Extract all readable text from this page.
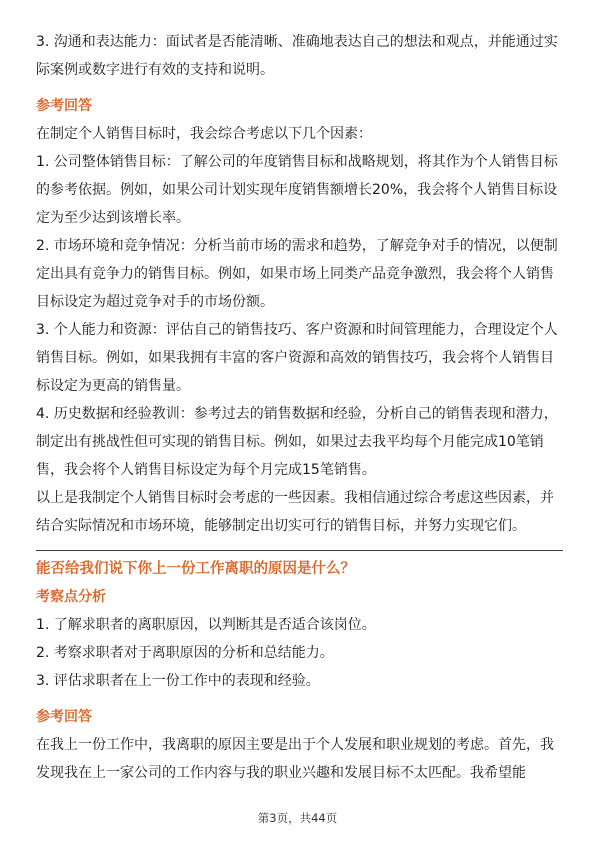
3. 沟通和表达能力：面试者是否能清晰、准确地表达自己的想法和观点，并能通过实际案例或数字进行有效的支持和说明。

参考回答

在制定个人销售目标时，我会综合考虑以下几个因素：

1. 公司整体销售目标：了解公司的年度销售目标和战略规划，将其作为个人销售目标的参考依据。例如，如果公司计划实现年度销售额增长20%，我会将个人销售目标设定为至少达到该增长率。

2. 市场环境和竞争情况：分析当前市场的需求和趋势，了解竞争对手的情况，以便制定出具有竞争力的销售目标。例如，如果市场上同类产品竞争激烈，我会将个人销售目标设定为超过竞争对手的市场份额。

3. 个人能力和资源：评估自己的销售技巧、客户资源和时间管理能力，合理设定个人销售目标。例如，如果我拥有丰富的客户资源和高效的销售技巧，我会将个人销售目标设定为更高的销售量。

4. 历史数据和经验教训：参考过去的销售数据和经验，分析自己的销售表现和潜力，制定出有挑战性但可实现的销售目标。例如，如果过去我平均每个月能完成10笔销售，我会将个人销售目标设定为每个月完成15笔销售。

以上是我制定个人销售目标时会考虑的一些因素。我相信通过综合考虑这些因素，并结合实际情况和市场环境，能够制定出切实可行的销售目标，并努力实现它们。

能否给我们说下你上一份工作离职的原因是什么？

考察点分析

1. 了解求职者的离职原因，以判断其是否适合该岗位。

2. 考察求职者对于离职原因的分析和总结能力。

3. 评估求职者在上一份工作中的表现和经验。

参考回答

在我上一份工作中，我离职的原因主要是出于个人发展和职业规划的考虑。首先，我发现我在上一家公司的工作内容与我的职业兴趣和发展目标不太匹配。我希望能

第3页，共44页
